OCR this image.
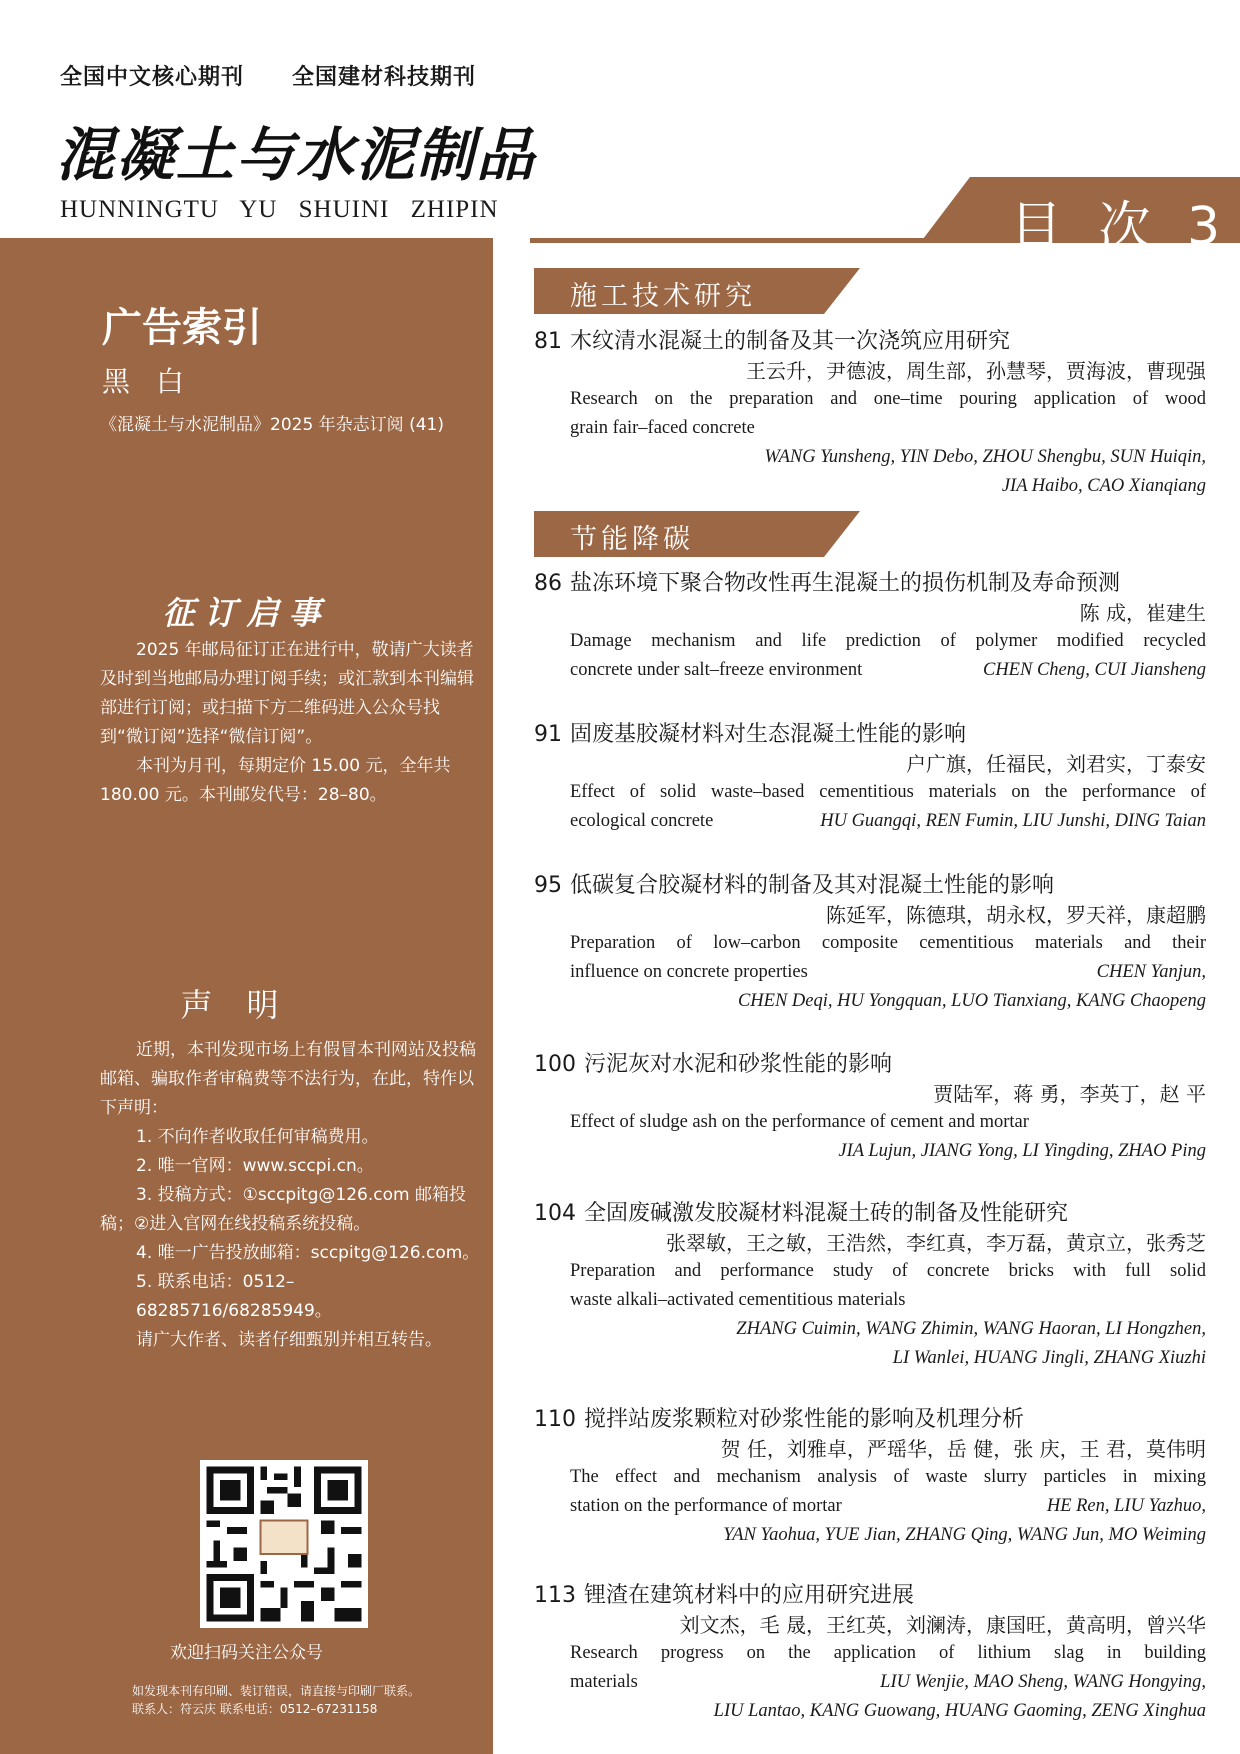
全国中文核心期刊 全国建材科技期刊
混凝土与水泥制品
HUNNINGTU YU SHUINI ZHIPIN
广告索引
黑白
《混凝土与水泥制品》2025 年杂志订阅 (41)
征订启事
2025 年邮局征订正在进行中，敬请广大读者及时到当地邮局办理订阅手续；或汇款到本刊编辑部进行订阅；或扫描下方二维码进入公众号找到“微订阅”选择“微信订阅”。
本刊为月刊，每期定价 15.00 元，全年共 180.00 元。本刊邮发代号：28–80。
声明
近期，本刊发现市场上有假冒本刊网站及投稿邮箱、骗取作者审稿费等不法行为，在此，特作以下声明：
1. 不向作者收取任何审稿费用。
2. 唯一官网：www.sccpi.cn。
3. 投稿方式：①sccpitg@126.com 邮箱投稿；②进入官网在线投稿系统投稿。
4. 唯一广告投放邮箱：sccpitg@126.com。
5. 联系电话：0512–68285716/68285949。
请广大作者、读者仔细甄别并相互转告。
欢迎扫码关注公众号
如发现本刊有印刷、装订错误，请直接与印刷厂联系。
联系人：符云庆 联系电话：0512–67231158
目 次 3
施工技术研究
81 木纹清水混凝土的制备及其一次浇筑应用研究
王云升，尹德波，周生部，孙慧琴，贾海波，曹现强
Research on the preparation and one–time pouring application of wood
grain fair–faced concrete
WANG Yunsheng, YIN Debo, ZHOU Shengbu, SUN Huiqin,
JIA Haibo, CAO Xianqiang
节能降碳
86 盐冻环境下聚合物改性再生混凝土的损伤机制及寿命预测
陈 成，崔建生
Damage mechanism and life prediction of polymer modified recycled
concrete under salt–freeze environment	CHEN Cheng, CUI Jiansheng
91 固废基胶凝材料对生态混凝土性能的影响
户广旗，任福民，刘君实，丁泰安
Effect of solid waste–based cementitious materials on the performance of
ecological concrete	HU Guangqi, REN Fumin, LIU Junshi, DING Taian
95 低碳复合胶凝材料的制备及其对混凝土性能的影响
陈延军，陈德琪，胡永权，罗天祥，康超鹏
Preparation of low–carbon composite cementitious materials and their
influence on concrete properties	CHEN Yanjun,
CHEN Deqi, HU Yongquan, LUO Tianxiang, KANG Chaopeng
100 污泥灰对水泥和砂浆性能的影响
贾陆军，蒋 勇，李英丁，赵 平
Effect of sludge ash on the performance of cement and mortar
JIA Lujun, JIANG Yong, LI Yingding, ZHAO Ping
104 全固废碱激发胶凝材料混凝土砖的制备及性能研究
张翠敏，王之敏，王浩然，李红真，李万磊，黄京立，张秀芝
Preparation and performance study of concrete bricks with full solid
waste alkali–activated cementitious materials
ZHANG Cuimin, WANG Zhimin, WANG Haoran, LI Hongzhen,
LI Wanlei, HUANG Jingli, ZHANG Xiuzhi
110 搅拌站废浆颗粒对砂浆性能的影响及机理分析
贺 任，刘雅卓，严瑶华，岳 健，张 庆，王 君，莫伟明
The effect and mechanism analysis of waste slurry particles in mixing
station on the performance of mortar	HE Ren, LIU Yazhuo,
YAN Yaohua, YUE Jian, ZHANG Qing, WANG Jun, MO Weiming
113 锂渣在建筑材料中的应用研究进展
刘文杰，毛 晟，王红英，刘澜涛，康国旺，黄高明，曾兴华
Research progress on the application of lithium slag in building
materials	LIU Wenjie, MAO Sheng, WANG Hongying,
LIU Lantao, KANG Guowang, HUANG Gaoming, ZENG Xinghua
